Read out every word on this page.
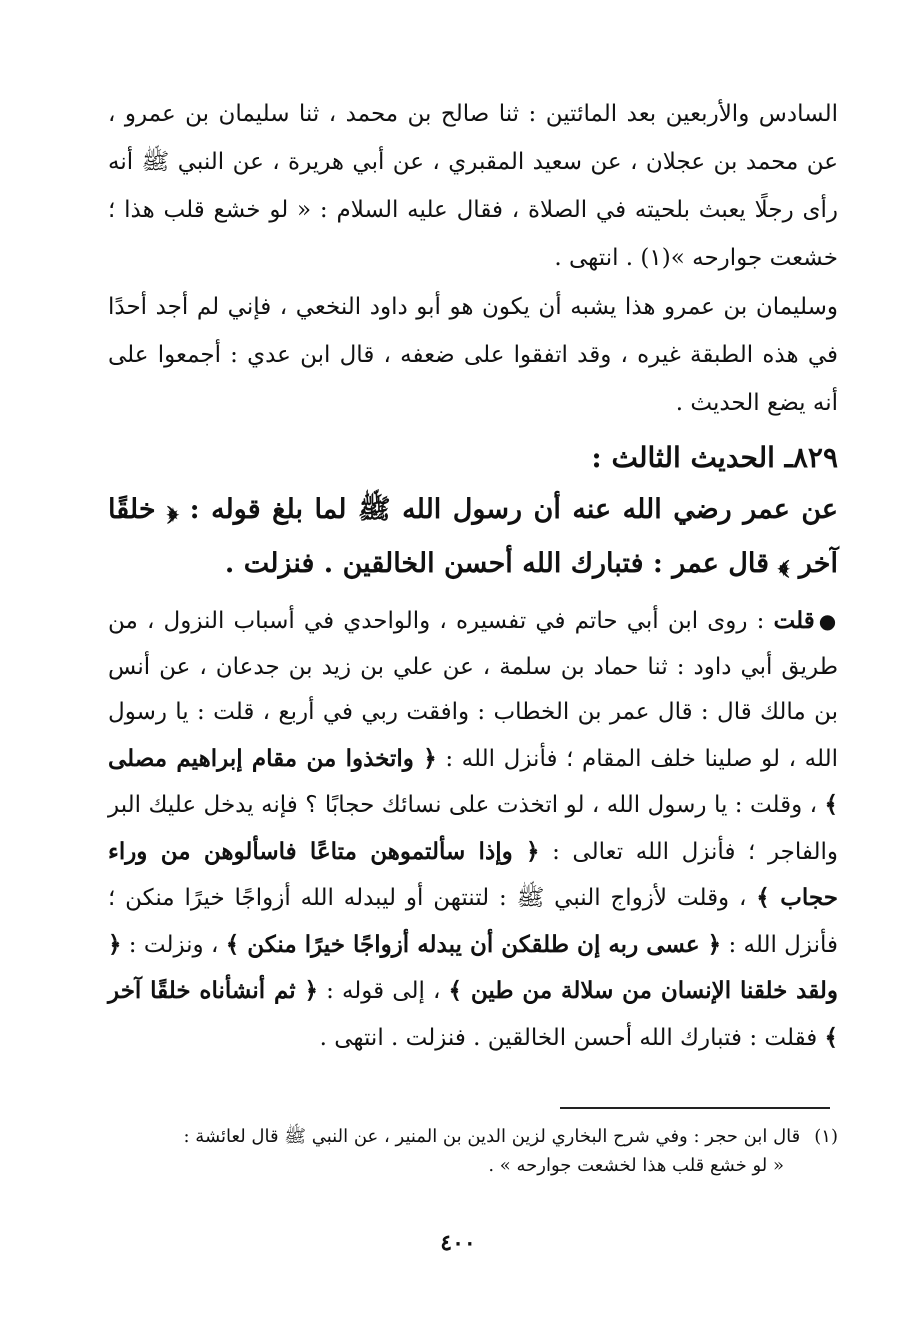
السادس والأربعين بعد المائتين : ثنا صالح بن محمد ، ثنا سليمان بن عمرو ، عن محمد بن عجلان ، عن سعيد المقبري ، عن أبي هريرة ، عن النبي ﷺ أنه رأى رجلًا يعبث بلحيته في الصلاة ، فقال عليه السلام : « لو خشع قلب هذا ؛ خشعت جوارحه »(١) . انتهى .

وسليمان بن عمرو هذا يشبه أن يكون هو أبو داود النخعي ، فإني لم أجد أحدًا في هذه الطبقة غيره ، وقد اتفقوا على ضعفه ، قال ابن عدي : أجمعوا على أنه يضع الحديث .

٨٢٩ـ الحديث الثالث :

عن عمر رضي الله عنه أن رسول الله ﷺ لما بلغ قوله : ﴿ خلقًا آخر ﴾ قال عمر : فتبارك الله أحسن الخالقين . فنزلت .

●قلت : روى ابن أبي حاتم في تفسيره ، والواحدي في أسباب النزول ، من طريق أبي داود : ثنا حماد بن سلمة ، عن علي بن زيد بن جدعان ، عن أنس بن مالك قال : قال عمر بن الخطاب : وافقت ربي في أربع ، قلت : يا رسول الله ، لو صلينا خلف المقام ؛ فأنزل الله : ﴿ واتخذوا من مقام إبراهيم مصلى ﴾ ، وقلت : يا رسول الله ، لو اتخذت على نسائك حجابًا ؟ فإنه يدخل عليك البر والفاجر ؛ فأنزل الله تعالى : ﴿ وإذا سألتموهن متاعًا فاسألوهن من وراء حجاب ﴾ ، وقلت لأزواج النبي ﷺ : لتنتهن أو ليبدله الله أزواجًا خيرًا منكن ؛ فأنزل الله : ﴿ عسى ربه إن طلقكن أن يبدله أزواجًا خيرًا منكن ﴾ ، ونزلت : ﴿ ولقد خلقنا الإنسان من سلالة من طين ﴾ ، إلى قوله : ﴿ ثم أنشأناه خلقًا آخر ﴾ فقلت : فتبارك الله أحسن الخالقين . فنزلت . انتهى .

(١)قال ابن حجر : وفي شرح البخاري لزين الدين بن المنير ، عن النبي ﷺ قال لعائشة :
« لو خشع قلب هذا لخشعت جوارحه » .
٤٠٠
